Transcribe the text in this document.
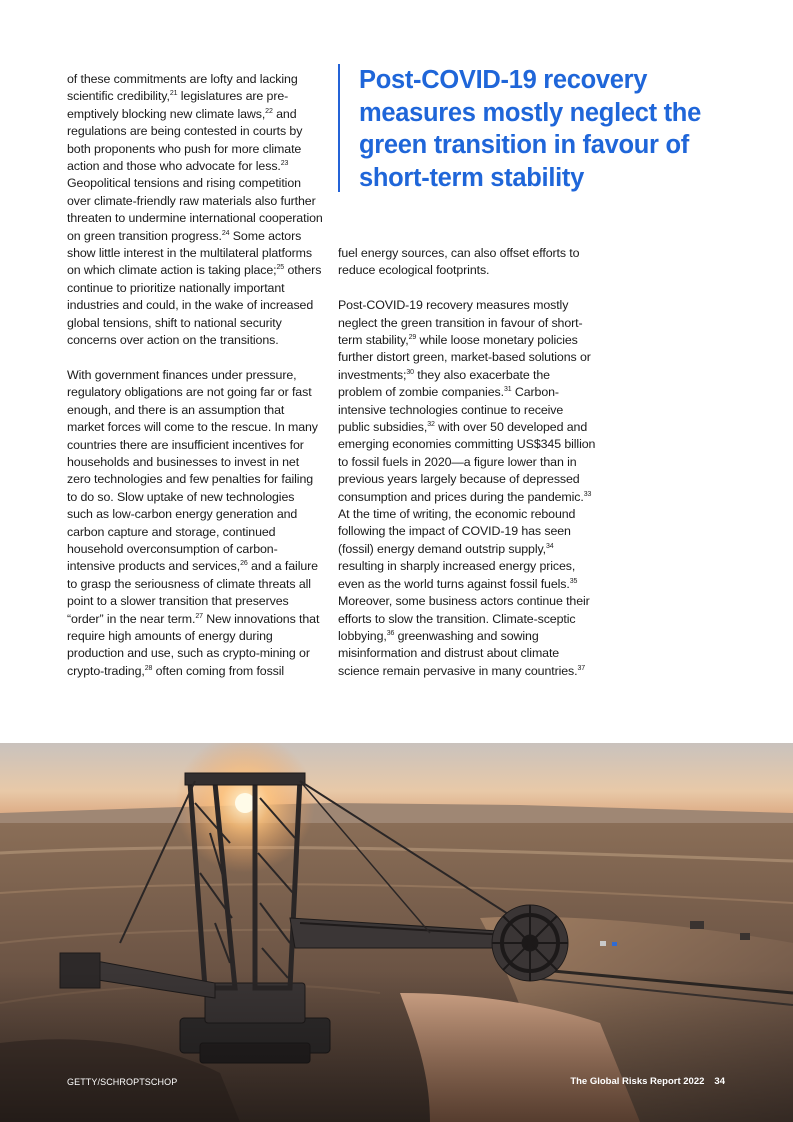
of these commitments are lofty and lacking scientific credibility,$^{21}$ legislatures are pre-emptively blocking new climate laws,$^{22}$ and regulations are being contested in courts by both proponents who push for more climate action and those who advocate for less.$^{23}$ Geopolitical tensions and rising competition over climate-friendly raw materials also further threaten to undermine international cooperation on green transition progress.$^{24}$ Some actors show little interest in the multilateral platforms on which climate action is taking place;$^{25}$ others continue to prioritize nationally important industries and could, in the wake of increased global tensions, shift to national security concerns over action on the transitions.

With government finances under pressure, regulatory obligations are not going far or fast enough, and there is an assumption that market forces will come to the rescue. In many countries there are insufficient incentives for households and businesses to invest in net zero technologies and few penalties for failing to do so. Slow uptake of new technologies such as low-carbon energy generation and carbon capture and storage, continued household overconsumption of carbon-intensive products and services,$^{26}$ and a failure to grasp the seriousness of climate threats all point to a slower transition that preserves “order” in the near term.$^{27}$ New innovations that require high amounts of energy during production and use, such as crypto-mining or crypto-trading,$^{28}$ often coming from fossil

Post-COVID-19 recovery measures mostly neglect the green transition in favour of short-term stability

fuel energy sources, can also offset efforts to reduce ecological footprints.

Post-COVID-19 recovery measures mostly neglect the green transition in favour of short-term stability,$^{29}$ while loose monetary policies further distort green, market-based solutions or investments;$^{30}$ they also exacerbate the problem of zombie companies.$^{31}$ Carbon-intensive technologies continue to receive public subsidies,$^{32}$ with over 50 developed and emerging economies committing US$345 billion to fossil fuels in 2020—a figure lower than in previous years largely because of depressed consumption and prices during the pandemic.$^{33}$ At the time of writing, the economic rebound following the impact of COVID-19 has seen (fossil) energy demand outstrip supply,$^{34}$ resulting in sharply increased energy prices, even as the world turns against fossil fuels.$^{35}$ Moreover, some business actors continue their efforts to slow the transition. Climate-sceptic lobbying,$^{36}$ greenwashing and sowing misinformation and distrust about climate science remain pervasive in many countries.$^{37}$

GETTY/SCHROPTSCHOP	The Global Risks Report 2022 34
